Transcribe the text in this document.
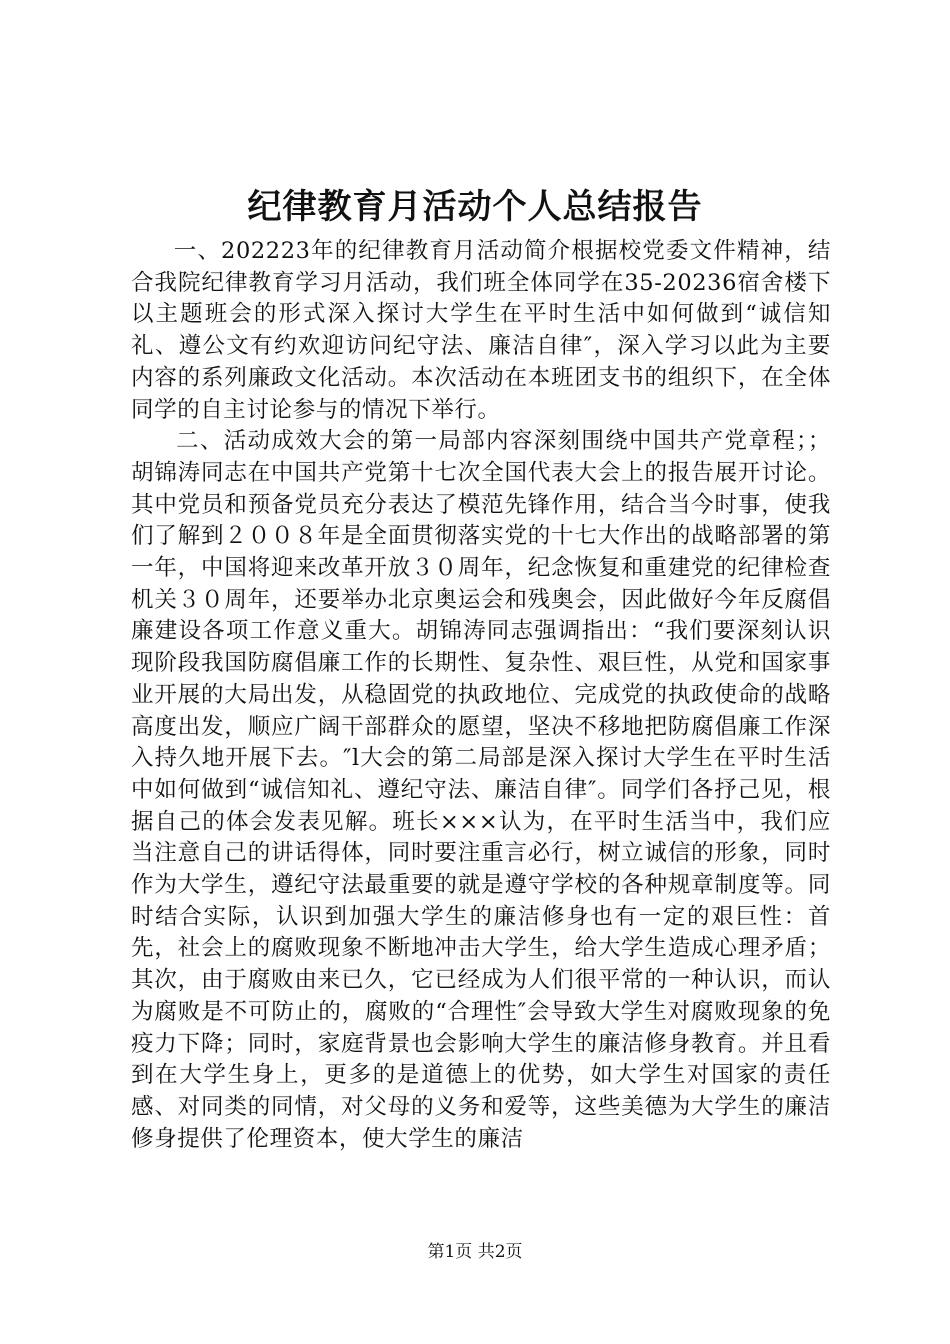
纪律教育月活动个人总结报告

一、202223年的纪律教育月活动简介根据校党委文件精神，结合我院纪律教育学习月活动，我们班全体同学在35-20236宿舍楼下以主题班会的形式深入探讨大学生在平时生活中如何做到“诚信知礼、遵公文有约欢迎访问纪守法、廉洁自律″，深入学习以此为主要内容的系列廉政文化活动。本次活动在本班团支书的组织下，在全体同学的自主讨论参与的情况下举行。

二、活动成效大会的第一局部内容深刻围绕中国共产党章程；；胡锦涛同志在中国共产党第十七次全国代表大会上的报告展开讨论。其中党员和预备党员充分表达了模范先锋作用，结合当今时事，使我们了解到２００８年是全面贯彻落实党的十七大作出的战略部署的第一年，中国将迎来改革开放３０周年，纪念恢复和重建党的纪律检查机关３０周年，还要举办北京奥运会和残奥会，因此做好今年反腐倡廉建设各项工作意义重大。胡锦涛同志强调指出：“我们要深刻认识现阶段我国防腐倡廉工作的长期性、复杂性、艰巨性，从党和国家事业开展的大局出发，从稳固党的执政地位、完成党的执政使命的战略高度出发，顺应广阔干部群众的愿望，坚决不移地把防腐倡廉工作深入持久地开展下去。″l大会的第二局部是深入探讨大学生在平时生活中如何做到“诚信知礼、遵纪守法、廉洁自律″。同学们各抒己见，根据自己的体会发表见解。班长×××认为，在平时生活当中，我们应当注意自己的讲话得体，同时要注重言必行，树立诚信的形象，同时作为大学生，遵纪守法最重要的就是遵守学校的各种规章制度等。同时结合实际，认识到加强大学生的廉洁修身也有一定的艰巨性：首先，社会上的腐败现象不断地冲击大学生，给大学生造成心理矛盾；其次，由于腐败由来已久，它已经成为人们很平常的一种认识，而认为腐败是不可防止的，腐败的“合理性″会导致大学生对腐败现象的免疫力下降；同时，家庭背景也会影响大学生的廉洁修身教育。并且看到在大学生身上，更多的是道德上的优势，如大学生对国家的责任感、对同类的同情，对父母的义务和爱等，这些美德为大学生的廉洁修身提供了伦理资本，使大学生的廉洁

第1页 共2页
